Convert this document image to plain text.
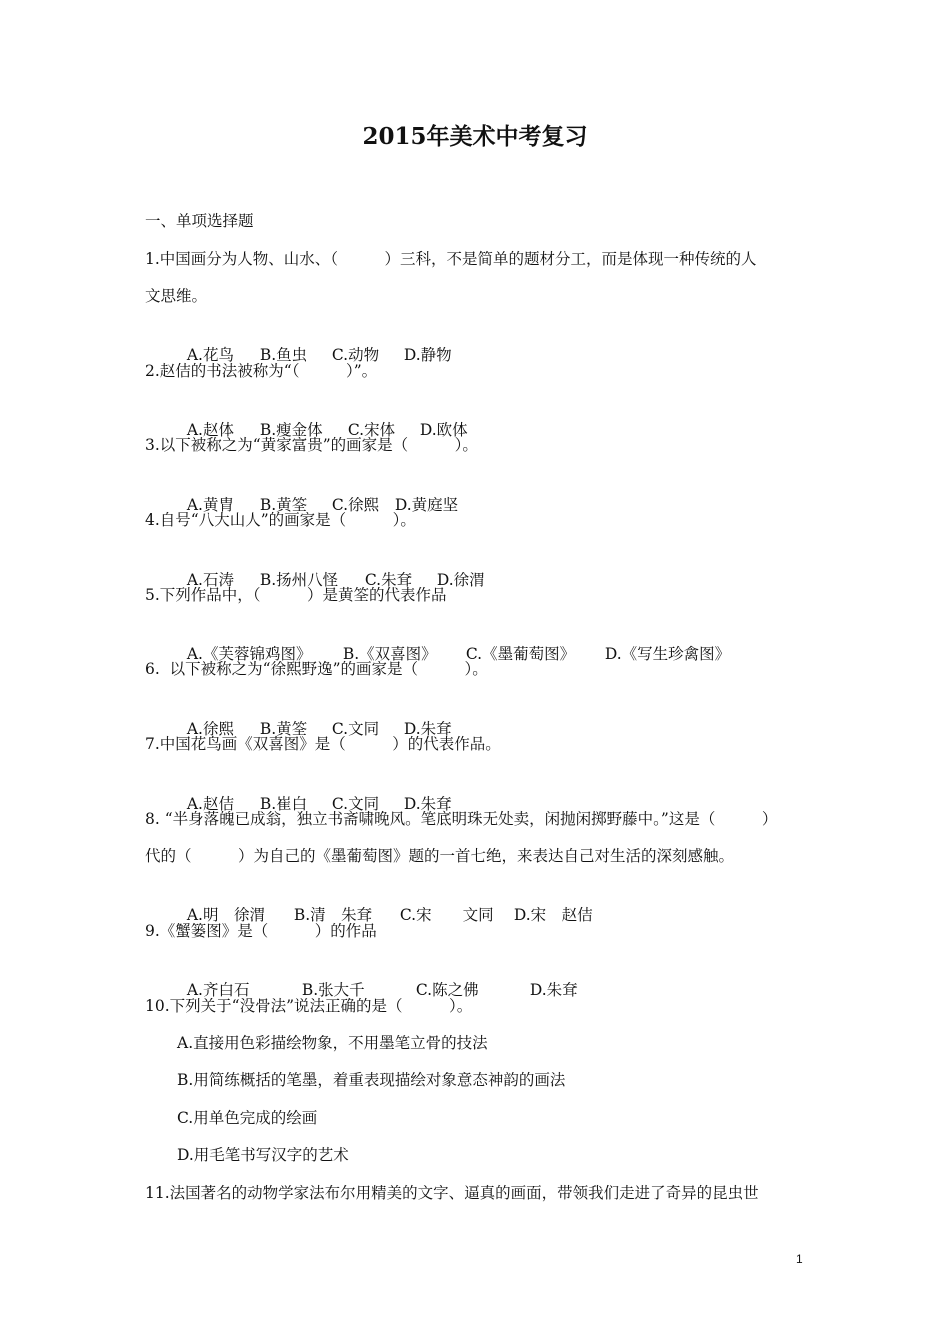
2015年美术中考复习
一、单项选择题
1.中国画分为人物、山水、（　　　）三科，不是简单的题材分工，而是体现一种传统的人
文思维。

A.花鸟 B.鱼虫 C.动物 D.静物

2.赵佶的书法被称为“（　　　）”。

A.赵体 B.瘦金体 C.宋体 D.欧体

3.以下被称之为“黄家富贵”的画家是（　　　）。

A.黄胄 B.黄筌 C.徐熙 D.黄庭坚

4.自号“八大山人”的画家是（　　　）。

A.石涛 B.扬州八怪 C.朱耷 D.徐渭

5.下列作品中，（　　　）是黄筌的代表作品

A.《芙蓉锦鸡图》 B.《双喜图》 C.《墨葡萄图》 D.《写生珍禽图》

6.  以下被称之为“徐熙野逸”的画家是（　　　）。

A.徐熙 B.黄筌 C.文同 D.朱耷

7.中国花鸟画《双喜图》是（　　　）的代表作品。

A.赵佶 B.崔白 C.文同 D.朱耷

8. “半身落魄已成翁，独立书斋啸晚风。笔底明珠无处卖，闲抛闲掷野藤中。”这是（　　　）
代的（　　　）为自己的《墨葡萄图》题的一首七绝，来表达自己对生活的深刻感触。

A.明　徐渭 B.清　朱耷 C.宋　　文同 D.宋　赵佶

9.《蟹篓图》是（　　　）的作品

A.齐白石	B.张大千	C.陈之佛	D.朱耷

10.下列关于“没骨法”说法正确的是（　　　）。
A.直接用色彩描绘物象，不用墨笔立骨的技法
B.用简练概括的笔墨，着重表现描绘对象意态神韵的画法
C.用单色完成的绘画
D.用毛笔书写汉字的艺术
11.法国著名的动物学家法布尔用精美的文字、逼真的画面，带领我们走进了奇异的昆虫世
1
